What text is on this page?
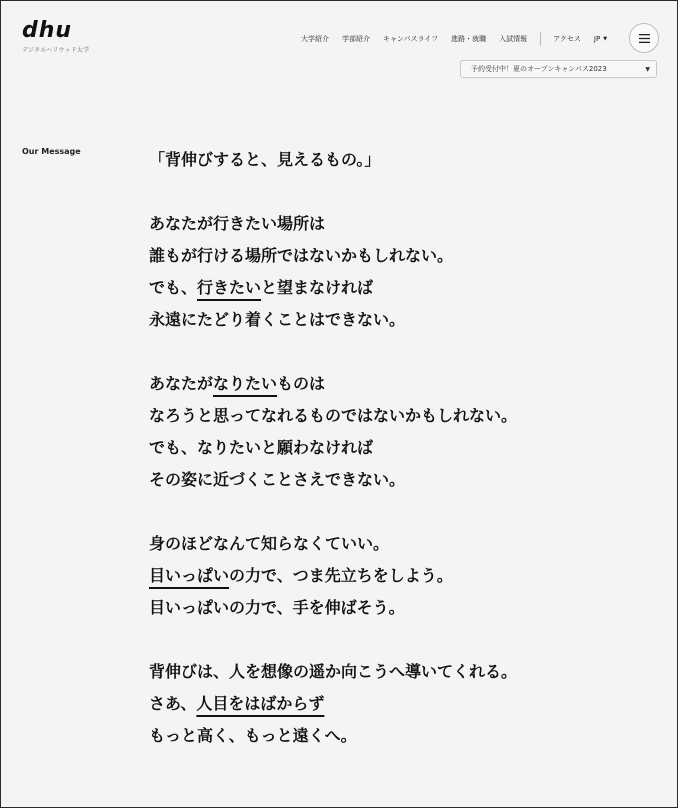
dhu
デジタルハリウッド大学
大学紹介 学部紹介 キャンパスライフ 進路・就職 入試情報	アクセス JP ▼
予約受付中！夏のオープンキャンパス2023	▼
Our Message	「背伸びすると、見えるもの。」
あなたが行きたい場所は
誰もが行ける場所ではないかもしれない。
でも、行きたいと望まなければ
永遠にたどり着くことはできない。
あなたがなりたいものは
なろうと思ってなれるものではないかもしれない。
でも、なりたいと願わなければ
その姿に近づくことさえできない。
身のほどなんて知らなくていい。
目いっぱいの力で、つま先立ちをしよう。
目いっぱいの力で、手を伸ばそう。
背伸びは、人を想像の遥か向こうへ導いてくれる。
さあ、人目をはばからず
もっと高く、もっと遠くへ。
